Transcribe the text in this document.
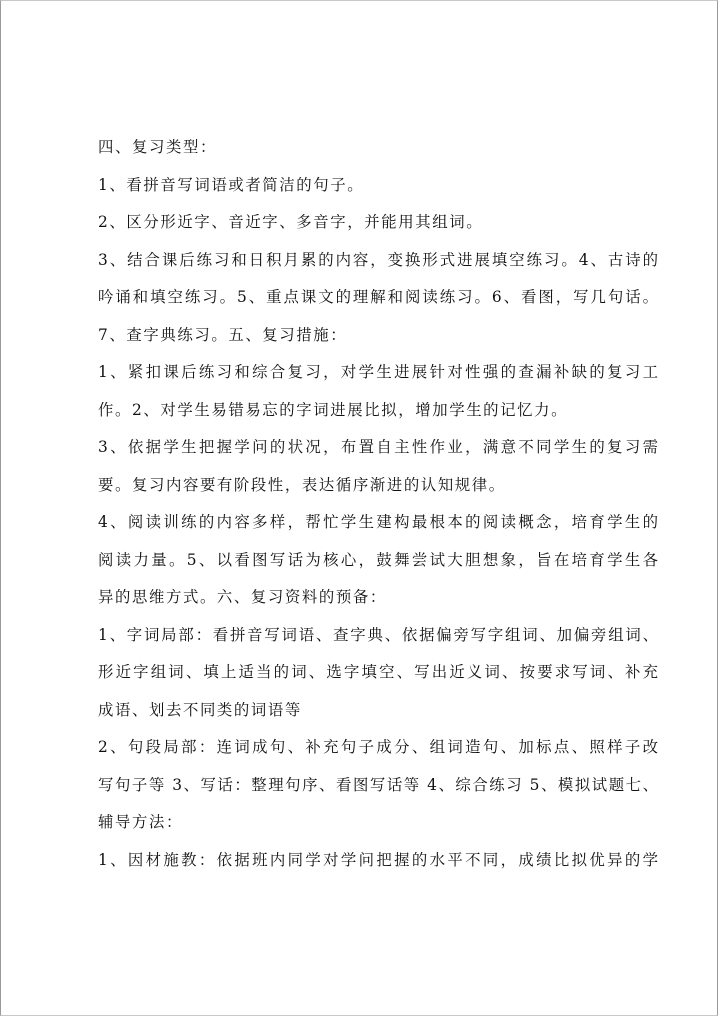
四、复习类型：
1、看拼音写词语或者简洁的句子。
2、区分形近字、音近字、多音字，并能用其组词。
3、结合课后练习和日积月累的内容，变换形式进展填空练习。4、古诗的
吟诵和填空练习。5、重点课文的理解和阅读练习。6、看图，写几句话。
7、查字典练习。五、复习措施：
1、紧扣课后练习和综合复习，对学生进展针对性强的查漏补缺的复习工
作。2、对学生易错易忘的字词进展比拟，增加学生的记忆力。
3、依据学生把握学问的状况，布置自主性作业，满意不同学生的复习需
要。复习内容要有阶段性，表达循序渐进的认知规律。
4、阅读训练的内容多样，帮忙学生建构最根本的阅读概念，培育学生的
阅读力量。5、以看图写话为核心，鼓舞尝试大胆想象，旨在培育学生各
异的思维方式。六、复习资料的预备：
1、字词局部：看拼音写词语、查字典、依据偏旁写字组词、加偏旁组词、
形近字组词、填上适当的词、选字填空、写出近义词、按要求写词、补充
成语、划去不同类的词语等
2、句段局部：连词成句、补充句子成分、组词造句、加标点、照样子改
写句子等 3、写话：整理句序、看图写话等 4、综合练习 5、模拟试题七、
辅导方法：
1、因材施教：依据班内同学对学问把握的水平不同，成绩比拟优异的学
